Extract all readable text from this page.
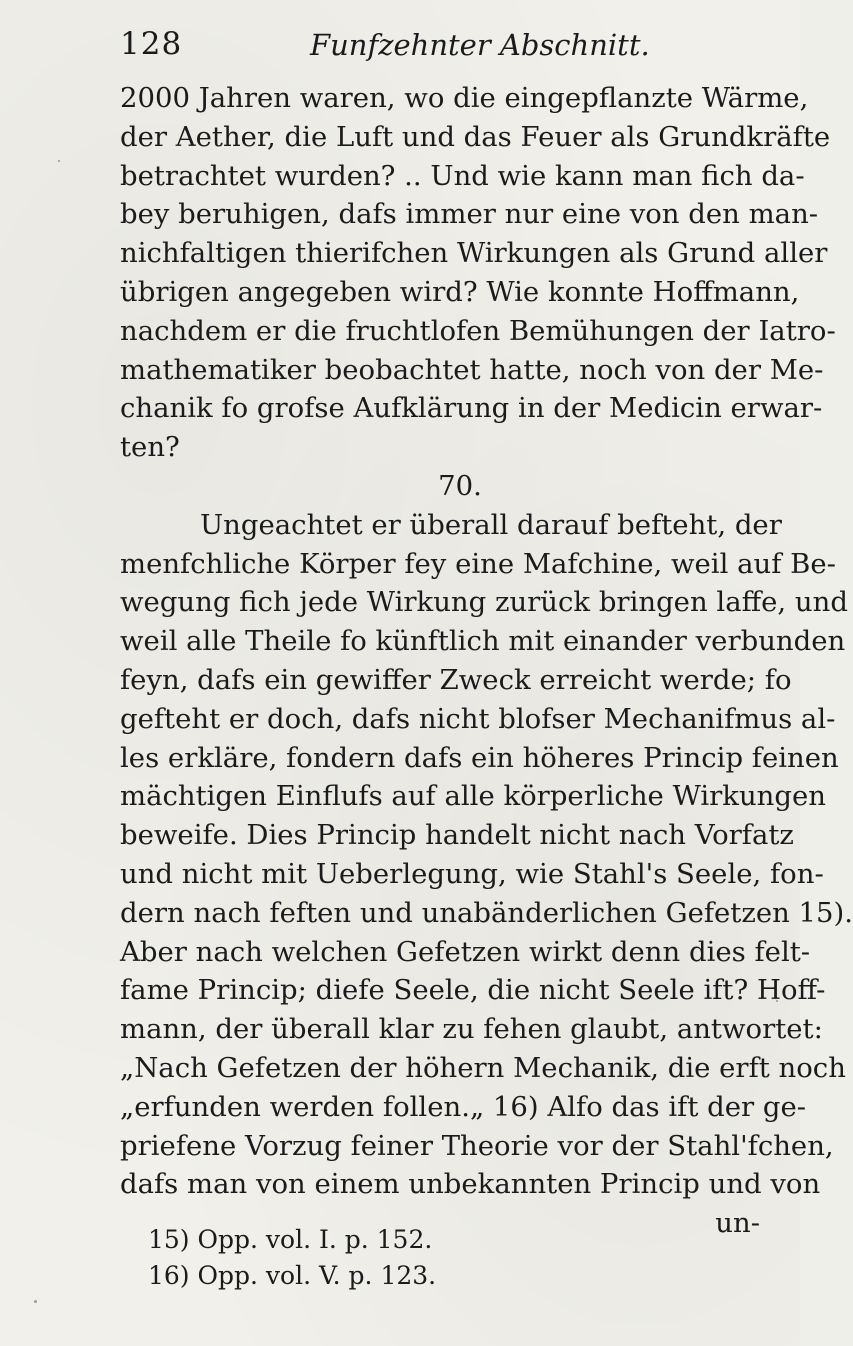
128	Funfzehnter Abschnitt.
2000 Jahren waren, wo die eingepflanzte Wärme,
der Aether, die Luft und das Feuer als Grundkräfte
betrachtet wurden? .. Und wie kann man fich da-
bey beruhigen, dafs immer nur eine von den man-
nichfaltigen thierifchen Wirkungen als Grund aller
übrigen angegeben wird? Wie konnte Hoffmann,
nachdem er die fruchtlofen Bemühungen der Iatro-
mathematiker beobachtet hatte, noch von der Me-
chanik fo grofse Aufklärung in der Medicin erwar-
ten?
70.
Ungeachtet er überall darauf befteht, der
menfchliche Körper fey eine Mafchine, weil auf Be-
wegung fich jede Wirkung zurück bringen laffe, und
weil alle Theile fo künftlich mit einander verbunden
feyn, dafs ein gewiffer Zweck erreicht werde; fo
gefteht er doch, dafs nicht blofser Mechanifmus al-
les erkläre, fondern dafs ein höheres Princip feinen
mächtigen Einflufs auf alle körperliche Wirkungen
beweife. Dies Princip handelt nicht nach Vorfatz
und nicht mit Ueberlegung, wie Stahl's Seele, fon-
dern nach feften und unabänderlichen Gefetzen 15).
Aber nach welchen Gefetzen wirkt denn dies felt-
fame Princip; diefe Seele, die nicht Seele ift? Hoff-
mann, der überall klar zu fehen glaubt, antwortet:
„Nach Gefetzen der höhern Mechanik, die erft noch
„erfunden werden follen.„ 16) Alfo das ift der ge-
priefene Vorzug feiner Theorie vor der Stahl'fchen,
dafs man von einem unbekannten Princip und von
un-
15) Opp. vol. I. p. 152.
16) Opp. vol. V. p. 123.
